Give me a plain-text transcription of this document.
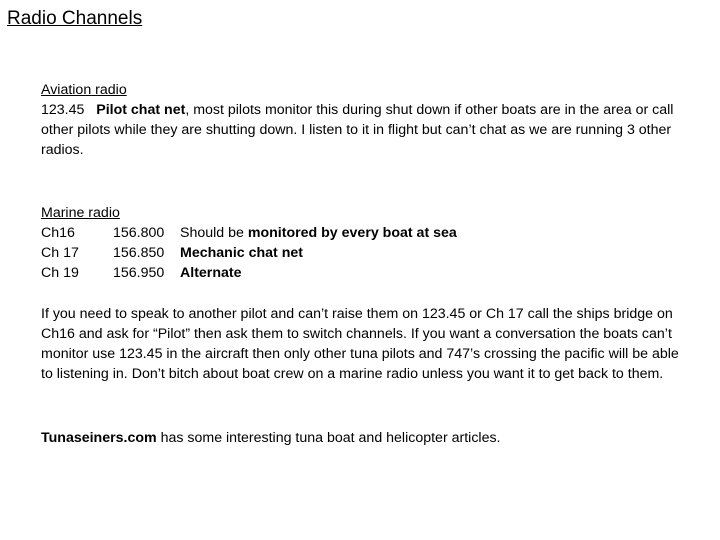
Radio Channels
Aviation radio
123.45 Pilot chat net, most pilots monitor this during shut down if other boats are in the area or call other pilots while they are shutting down. I listen to it in flight but can’t chat as we are running 3 other radios.
Marine radio
Ch16	156.800	Should be monitored by every boat at sea
Ch 17	156.850	Mechanic chat net
Ch 19	156.950	Alternate
If you need to speak to another pilot and can’t raise them on 123.45 or Ch 17 call the ships bridge on Ch16 and ask for “Pilot” then ask them to switch channels. If you want a conversation the boats can’t monitor use 123.45 in the aircraft then only other tuna pilots and 747’s crossing the pacific will be able to listening in. Don’t bitch about boat crew on a marine radio unless you want it to get back to them.
Tunaseiners.com has some interesting tuna boat and helicopter articles.
